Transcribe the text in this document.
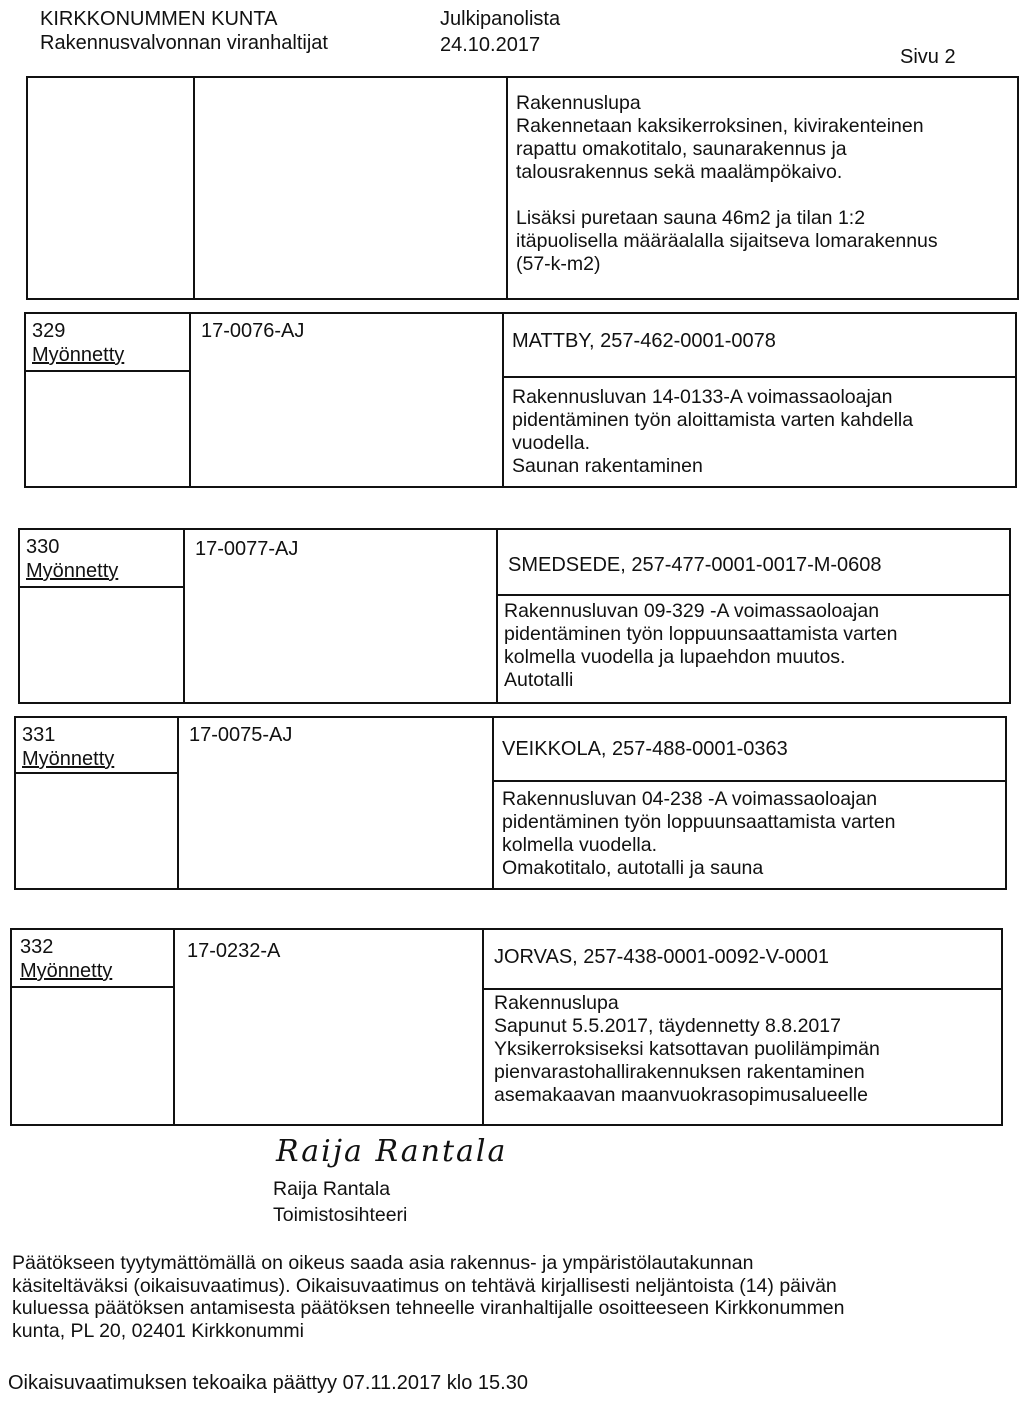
KIRKKONUMMEN KUNTA
Rakennusvalvonnan viranhaltijat
Julkipanolista
24.10.2017
Sivu 2
Rakennuslupa
Rakennetaan kaksikerroksinen, kivirakenteinen
rapattu omakotitalo, saunarakennus ja
talousrakennus sekä maalämpökaivo.
Lisäksi puretaan sauna 46m2 ja tilan 1:2
itäpuolisella määräalalla sijaitseva lomarakennus
(57-k-m2)
329
Myönnetty
17-0076-AJ	MATTBY, 257-462-0001-0078
Rakennusluvan 14-0133-A voimassaoloajan
pidentäminen työn aloittamista varten kahdella
vuodella.
Saunan rakentaminen
330
Myönnetty
17-0077-AJ
SMEDSEDE, 257-477-0001-0017-M-0608
Rakennusluvan 09-329 -A voimassaoloajan
pidentäminen työn loppuunsaattamista varten
kolmella vuodella ja lupaehdon muutos.
Autotalli
331
Myönnetty
17-0075-AJ
VEIKKOLA, 257-488-0001-0363
Rakennusluvan 04-238 -A voimassaoloajan
pidentäminen työn loppuunsaattamista varten
kolmella vuodella.
Omakotitalo, autotalli ja sauna
332
Myönnetty
17-0232-A	JORVAS, 257-438-0001-0092-V-0001
Rakennuslupa
Sapunut 5.5.2017, täydennetty 8.8.2017
Yksikerroksiseksi katsottavan puolilämpimän
pienvarastohallirakennuksen rakentaminen
asemakaavan maanvuokrasopimusalueelle
Raija Rantala
Raija Rantala
Toimistosihteeri
Päätökseen tyytymättömällä on oikeus saada asia rakennus- ja ympäristölautakunnan
käsiteltäväksi (oikaisuvaatimus). Oikaisuvaatimus on tehtävä kirjallisesti neljäntoista (14) päivän
kuluessa päätöksen antamisesta päätöksen tehneelle viranhaltijalle osoitteeseen Kirkkonummen
kunta, PL 20, 02401 Kirkkonummi
Oikaisuvaatimuksen tekoaika päättyy 07.11.2017 klo 15.30
